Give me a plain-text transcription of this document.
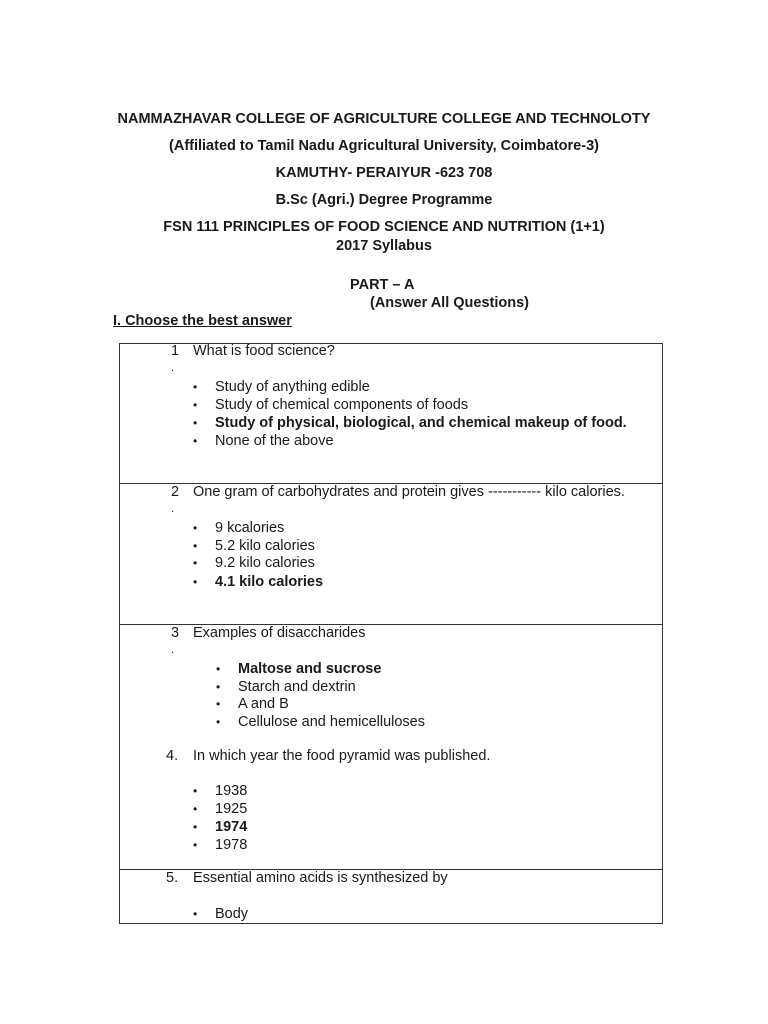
NAMMAZHAVAR COLLEGE OF AGRICULTURE COLLEGE AND TECHNOLOTY
(Affiliated to Tamil Nadu Agricultural University, Coimbatore-3)
KAMUTHY- PERAIYUR -623 708
B.Sc (Agri.) Degree Programme
FSN 111 PRINCIPLES OF FOOD SCIENCE AND NUTRITION (1+1)
2017 Syllabus
PART – A
(Answer All Questions)
I. Choose the best answer
1
.
What is food science?
• Study of anything edible
• Study of chemical components of foods
• Study of physical, biological, and chemical makeup of food.
• None of the above
2
.
One gram of carbohydrates and protein gives ----------- kilo calories.
• 9 kcalories
• 5.2 kilo calories
• 9.2 kilo calories
• 4.1 kilo calories
3
.
Examples of disaccharides
• Maltose and sucrose
• Starch and dextrin
• A and B
• Cellulose and hemicelluloses
4. In which year the food pyramid was published.
• 1938
• 1925
• 1974
• 1978
5. Essential amino acids is synthesized by
• Body
